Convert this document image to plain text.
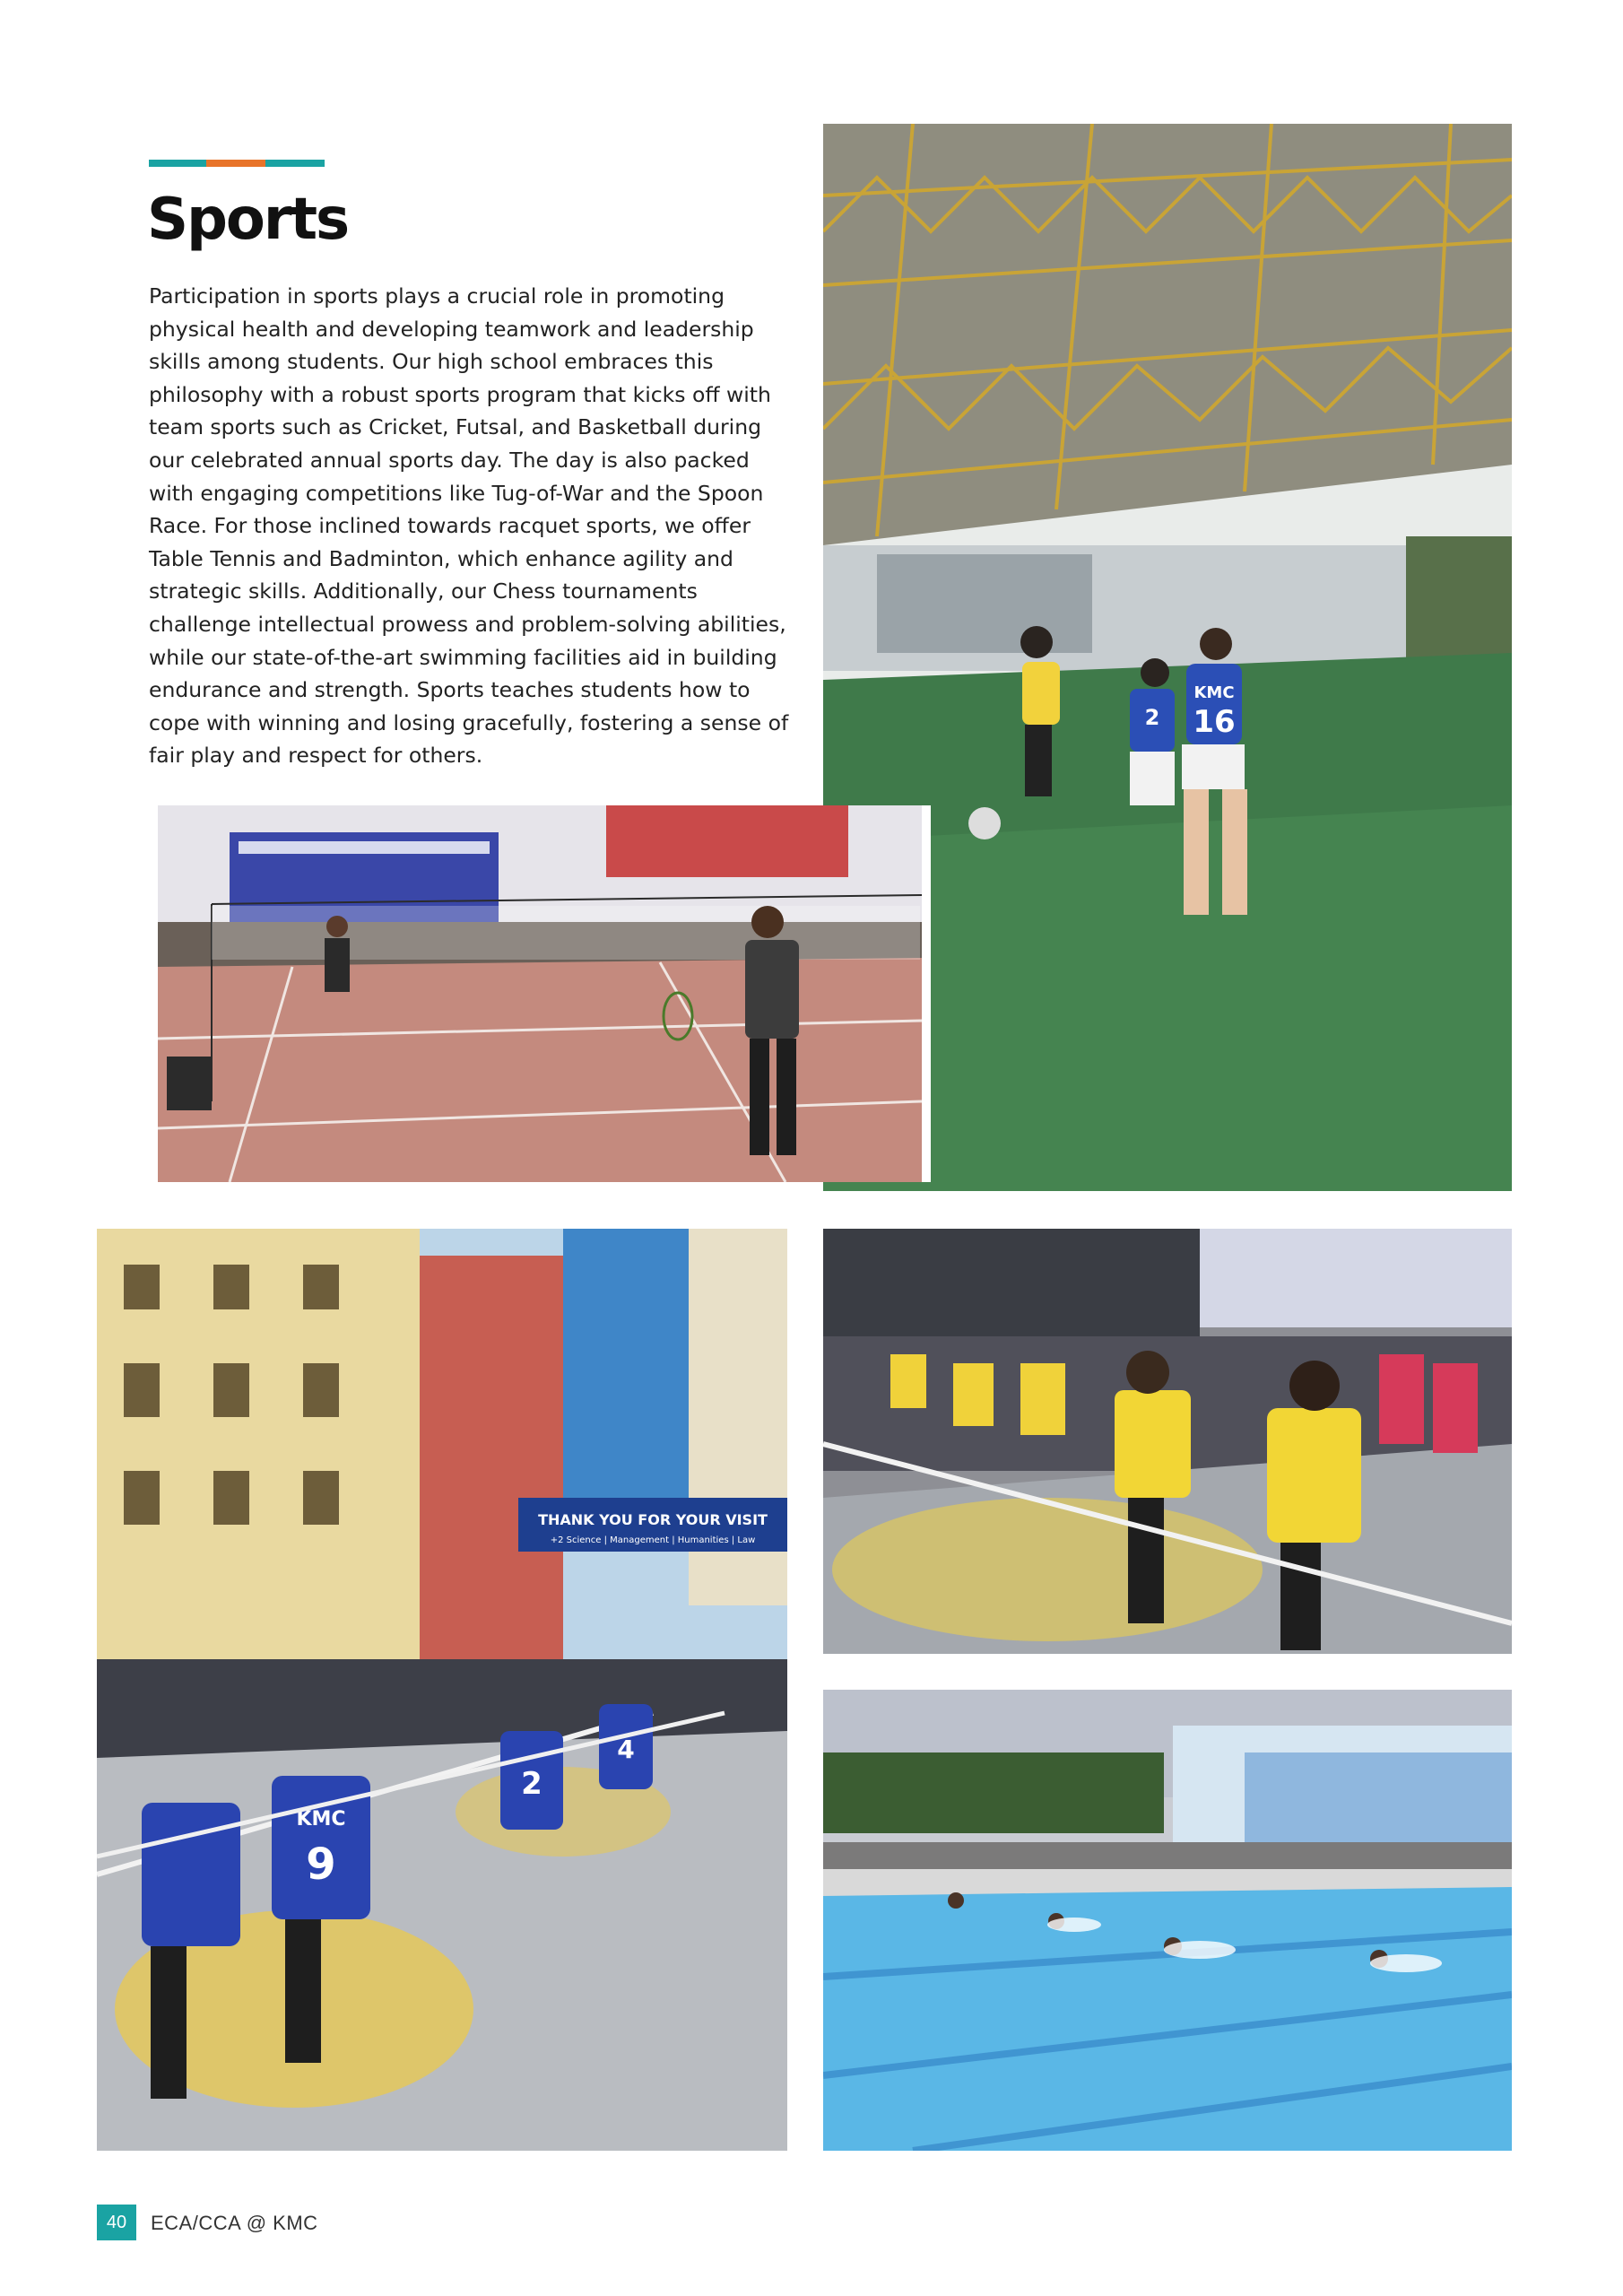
Sports

Participation in sports plays a crucial role in promoting physical health and developing teamwork and leadership skills among students. Our high school embraces this philosophy with a robust sports program that kicks off with team sports such as Cricket, Futsal, and Basketball during our celebrated annual sports day. The day is also packed with engaging competitions like Tug-of-War and the Spoon Race. For those inclined towards racquet sports, we offer Table Tennis and Badminton, which enhance agility and strategic skills. Additionally, our Chess tournaments challenge intellectual prowess and problem-solving abilities, while our state-of-the-art swimming facilities aid in building endurance and strength. Sports teaches students how to cope with winning and losing gracefully, fostering a sense of fair play and respect for others.

KMC
16
2
THANK YOU FOR YOUR VISIT
+2 Science | Management | Humanities | Law
KMC
9
2
4
40	ECA/CCA @ KMC
